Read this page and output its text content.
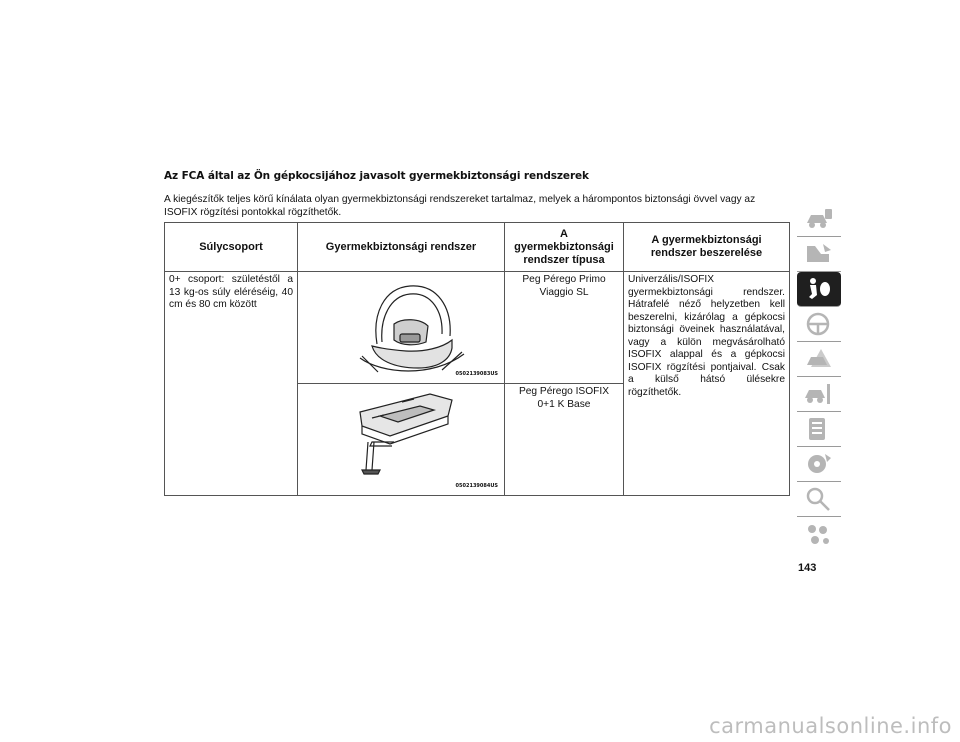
Az FCA által az Ön gépkocsijához javasolt gyermekbiztonsági rendszerek

A kiegészítők teljes körű kínálata olyan gyermekbiztonsági rendszereket tartalmaz, melyek a hárompontos biztonsági övvel vagy az ISOFIX rögzítési pontokkal rögzíthetők.

Súlycsoport	Gyermekbiztonsági rendszer	A gyermekbiztonsági rendszer típusa	A gyermekbiztonsági rendszer beszerelése
0+ csoport: születéstől a 13 kg-os súly eléréséig, 40 cm és 80 cm között	0502139083US	Peg Pérego Primo Viaggio SL	Univerzális/ISOFIX gyermekbiztonsági rendszer. Hátrafelé néző helyzetben kell beszerelni, kizárólag a gépkocsi biztonsági öveinek használatával, vagy a külön megvásárolható ISOFIX alappal és a gépkocsi ISOFIX rögzítési pontjaival. Csak a külső hátsó ülésekre rögzíthetők.

	0502139084US	Peg Pérego ISOFIX 0+1 K Base	
143
carmanualsonline.info
